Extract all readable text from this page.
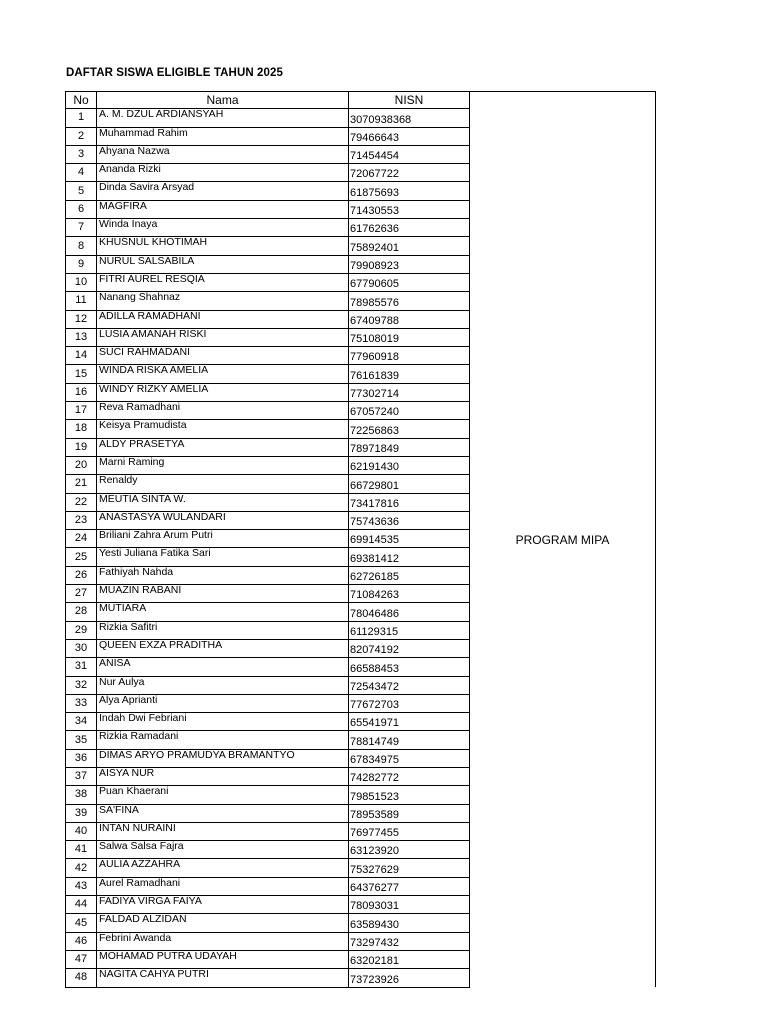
DAFTAR SISWA ELIGIBLE TAHUN 2025
No	Nama	NISN	PROGRAM MIPA
1	A. M. DZUL ARDIANSYAH	3070938368	
2	Muhammad Rahim	79466643	
3	Ahyana Nazwa	71454454	
4	Ananda Rizki	72067722	
5	Dinda Savira Arsyad	61875693	
6	MAGFIRA	71430553	
7	Winda Inaya	61762636	
8	KHUSNUL KHOTIMAH	75892401	
9	NURUL SALSABILA	79908923	
10	FITRI AUREL RESQIA	67790605	
11	Nanang Shahnaz	78985576	
12	ADILLA RAMADHANI	67409788	
13	LUSIA AMANAH RISKI	75108019	
14	SUCI RAHMADANI	77960918	
15	WINDA RISKA AMELIA	76161839	
16	WINDY RIZKY AMELIA	77302714	
17	Reva Ramadhani	67057240	
18	Keisya Pramudista	72256863	
19	ALDY PRASETYA	78971849	
20	Marni Raming	62191430	
21	Renaldy	66729801	
22	MEUTIA SINTA W.	73417816	
23	ANASTASYA WULANDARI	75743636	
24	Briliani Zahra Arum Putri	69914535	
25	Yesti Juliana Fatika Sari	69381412	
26	Fathiyah Nahda	62726185	
27	MUAZIN RABANI	71084263	
28	MUTIARA	78046486	
29	Rizkia Safitri	61129315	
30	QUEEN EXZA PRADITHA	82074192	
31	ANISA	66588453	
32	Nur Aulya	72543472	
33	Alya Aprianti	77672703	
34	Indah Dwi Febriani	65541971	
35	Rizkia Ramadani	78814749	
36	DIMAS ARYO PRAMUDYA BRAMANTYO	67834975	
37	AISYA NUR	74282772	
38	Puan Khaerani	79851523	
39	SA'FINA	78953589	
40	INTAN NURAINI	76977455	
41	Salwa Salsa Fajra	63123920	
42	AULIA AZZAHRA	75327629	
43	Aurel Ramadhani	64376277	
44	FADIYA VIRGA FAIYA	78093031	
45	FALDAD ALZIDAN	63589430	
46	Febrini Awanda	73297432	
47	MOHAMAD PUTRA UDAYAH	63202181	
48	NAGITA CAHYA PUTRI	73723926	
